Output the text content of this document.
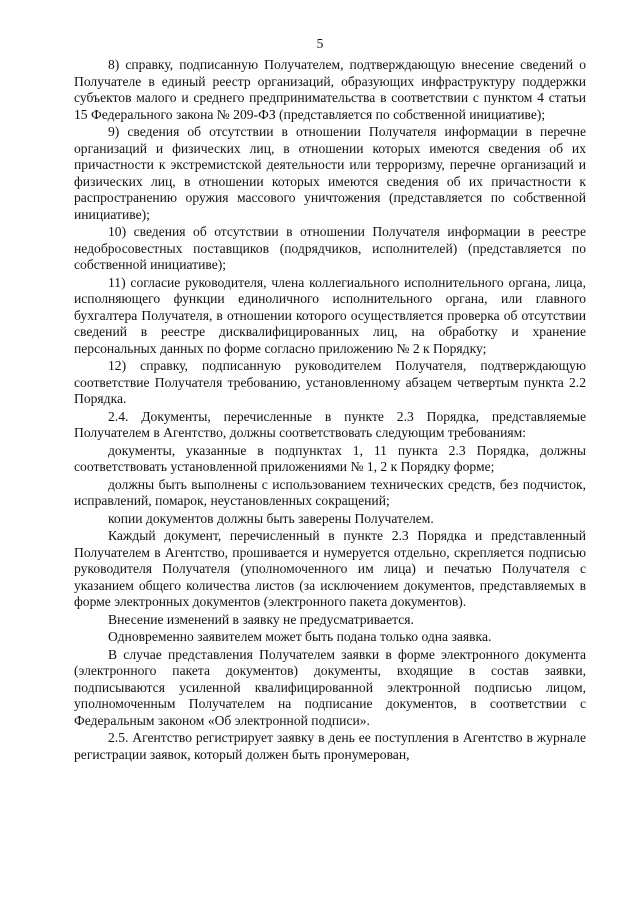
5

8) справку, подписанную Получателем, подтверждающую внесение сведений о Получателе в единый реестр организаций, образующих инфраструктуру поддержки субъектов малого и среднего предпринимательства в соответствии с пунктом 4 статьи 15 Федерального закона № 209-ФЗ (представляется по собственной инициативе);

9) сведения об отсутствии в отношении Получателя информации в перечне организаций и физических лиц, в отношении которых имеются сведения об их причастности к экстремистской деятельности или терроризму, перечне организаций и физических лиц, в отношении которых имеются сведения об их причастности к распространению оружия массового уничтожения (представляется по собственной инициативе);

10) сведения об отсутствии в отношении Получателя информации в реестре недобросовестных поставщиков (подрядчиков, исполнителей) (представляется по собственной инициативе);

11) согласие руководителя, члена коллегиального исполнительного органа, лица, исполняющего функции единоличного исполнительного органа, или главного бухгалтера Получателя, в отношении которого осуществляется проверка об отсутствии сведений в реестре дисквалифицированных лиц, на обработку и хранение персональных данных по форме согласно приложению № 2 к Порядку;

12) справку, подписанную руководителем Получателя, подтверждающую соответствие Получателя требованию, установленному абзацем четвертым пункта 2.2 Порядка.

2.4. Документы, перечисленные в пункте 2.3 Порядка, представляемые Получателем в Агентство, должны соответствовать следующим требованиям:

документы, указанные в подпунктах 1, 11 пункта 2.3 Порядка, должны соответствовать установленной приложениями № 1, 2 к Порядку форме;

должны быть выполнены с использованием технических средств, без подчисток, исправлений, помарок, неустановленных сокращений;

копии документов должны быть заверены Получателем.

Каждый документ, перечисленный в пункте 2.3 Порядка и представленный Получателем в Агентство, прошивается и нумеруется отдельно, скрепляется подписью руководителя Получателя (уполномоченного им лица) и печатью Получателя с указанием общего количества листов (за исключением документов, представляемых в форме электронных документов (электронного пакета документов).

Внесение изменений в заявку не предусматривается.

Одновременно заявителем может быть подана только одна заявка.

В случае представления Получателем заявки в форме электронного документа (электронного пакета документов) документы, входящие в состав заявки, подписываются усиленной квалифицированной электронной подписью лицом, уполномоченным Получателем на подписание документов, в соответствии с Федеральным законом «Об электронной подписи».

2.5. Агентство регистрирует заявку в день ее поступления в Агентство в журнале регистрации заявок, который должен быть пронумерован,
